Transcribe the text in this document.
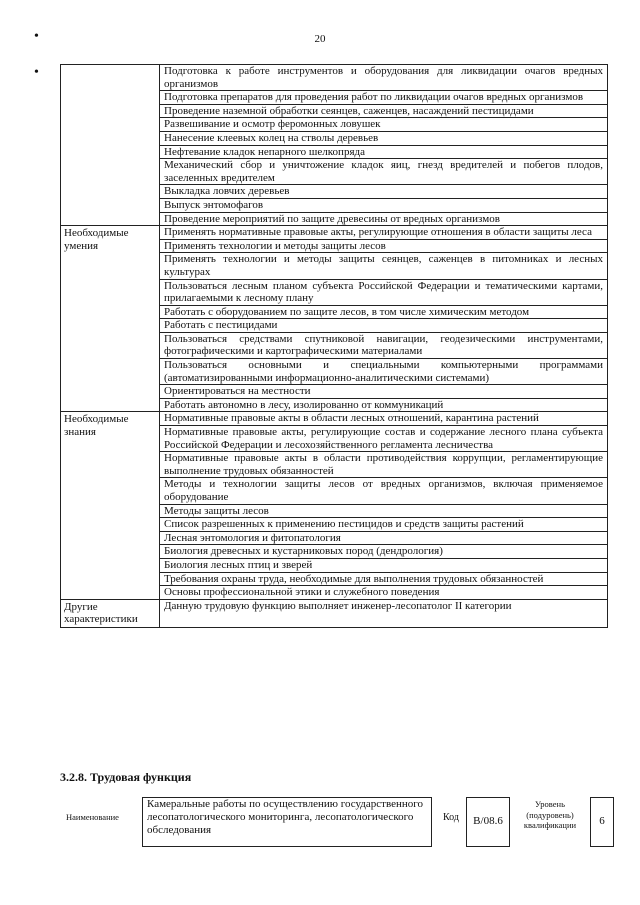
•
•
20
	Подготовка к работе инструментов и оборудования для ликвидации очагов вредных организмов
	Подготовка препаратов для проведения работ по ликвидации очагов вредных организмов
	Проведение наземной обработки сеянцев, саженцев, насаждений пестицидами
	Развешивание и осмотр феромонных ловушек
	Нанесение клеевых колец на стволы деревьев
	Нефтевание кладок непарного шелкопряда
	Механический сбор и уничтожение кладок яиц, гнезд вредителей и побегов плодов, заселенных вредителем
	Выкладка ловчих деревьев
	Выпуск энтомофагов
	Проведение мероприятий по защите древесины от вредных организмов
Необходимые умения	Применять нормативные правовые акты, регулирующие отношения в области защиты леса
	Применять технологии и методы защиты лесов
	Применять технологии и методы защиты сеянцев, саженцев в питомниках и лесных культурах
	Пользоваться лесным планом субъекта Российской Федерации и тематическими картами, прилагаемыми к лесному плану
	Работать с оборудованием по защите лесов, в том числе химическим методом
	Работать с пестицидами
	Пользоваться средствами спутниковой навигации, геодезическими инструментами, фотографическими и картографическими материалами
	Пользоваться основными и специальными компьютерными программами (автоматизированными информационно-аналитическими системами)
	Ориентироваться на местности
	Работать автономно в лесу, изолированно от коммуникаций
Необходимые знания	Нормативные правовые акты в области лесных отношений, карантина растений
	Нормативные правовые акты, регулирующие состав и содержание лесного плана субъекта Российской Федерации и лесохозяйственного регламента лесничества
	Нормативные правовые акты в области противодействия коррупции, регламентирующие выполнение трудовых обязанностей
	Методы и технологии защиты лесов от вредных организмов, включая применяемое оборудование
	Методы защиты лесов
	Список разрешенных к применению пестицидов и средств защиты растений
	Лесная энтомология и фитопатология
	Биология древесных и кустарниковых пород (дендрология)
	Биология лесных птиц и зверей
	Требования охраны труда, необходимые для выполнения трудовых обязанностей
	Основы профессиональной этики и служебного поведения
Другие характеристики	Данную трудовую функцию выполняет инженер-лесопатолог II категории
3.2.8. Трудовая функция
Наименование
Камеральные работы по осуществлению государственного лесопатологического мониторинга, лесопатологического обследования
Код	B/08.6
Уровень (подуровень) квалификации	6
